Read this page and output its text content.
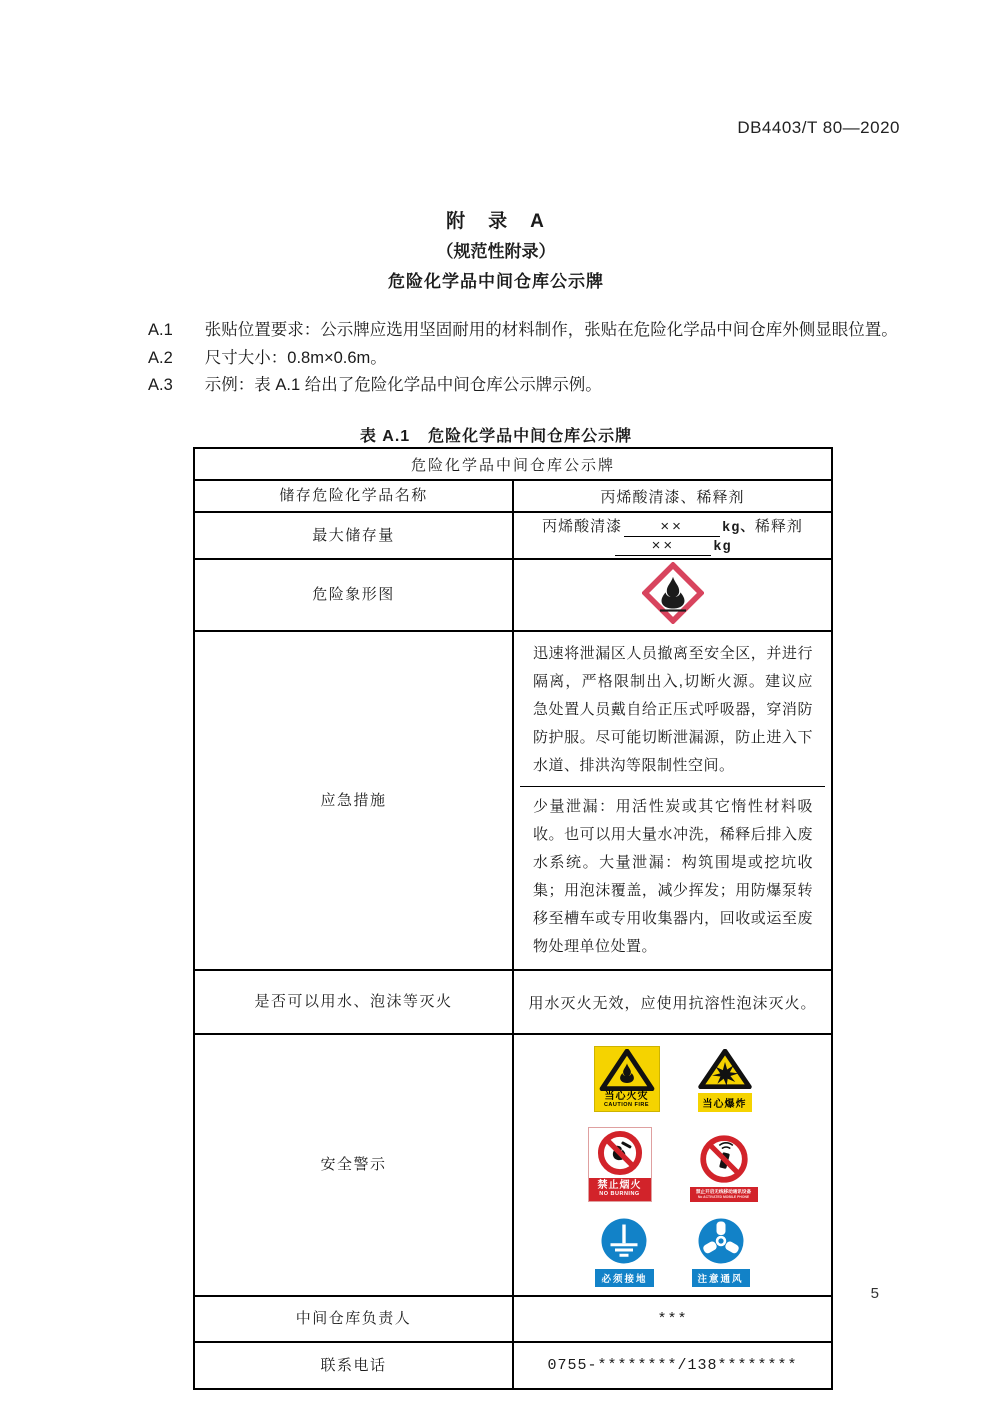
DB4403/T 80—2020
附　录　A
（规范性附录）
危险化学品中间仓库公示牌

A.1 张贴位置要求：公示牌应选用坚固耐用的材料制作，张贴在危险化学品中间仓库外侧显眼位置。

A.2 尺寸大小：0.8m×0.6m。

A.3 示例：表 A.1 给出了危险化学品中间仓库公示牌示例。

表 A.1 危险化学品中间仓库公示牌
危险化学品中间仓库公示牌	
储存危险化学品名称	丙烯酸清漆、稀释剂
最大储存量	丙烯酸清漆 ×× kg、稀释剂×× kg
危险象形图	
应急措施	迅速将泄漏区人员撤离至安全区，并进行隔离，严格限制出入,切断火源。建议应急处置人员戴自给正压式呼吸器，穿消防防护服。尽可能切断泄漏源，防止进入下水道、排洪沟等限制性空间。
少量泄漏：用活性炭或其它惰性材料吸收。也可以用大量水冲洗，稀释后排入废水系统。大量泄漏：构筑围堤或挖坑收集；用泡沫覆盖，减少挥发；用防爆泵转移至槽车或专用收集器内，回收或运至废物处理单位处置。

是否可以用水、泡沫等灭火	用水灭火无效，应使用抗溶性泡沫灭火。
安全警示	
当心火灾
CAUTION FIRE	当心爆炸
禁止烟火
NO BURNING	禁止开启无线移动通讯设备
No ACTIVATED MOBILE PHONE
必须接地	注意通风

中间仓库负责人	***
联系电话	0755-********/138********
5
